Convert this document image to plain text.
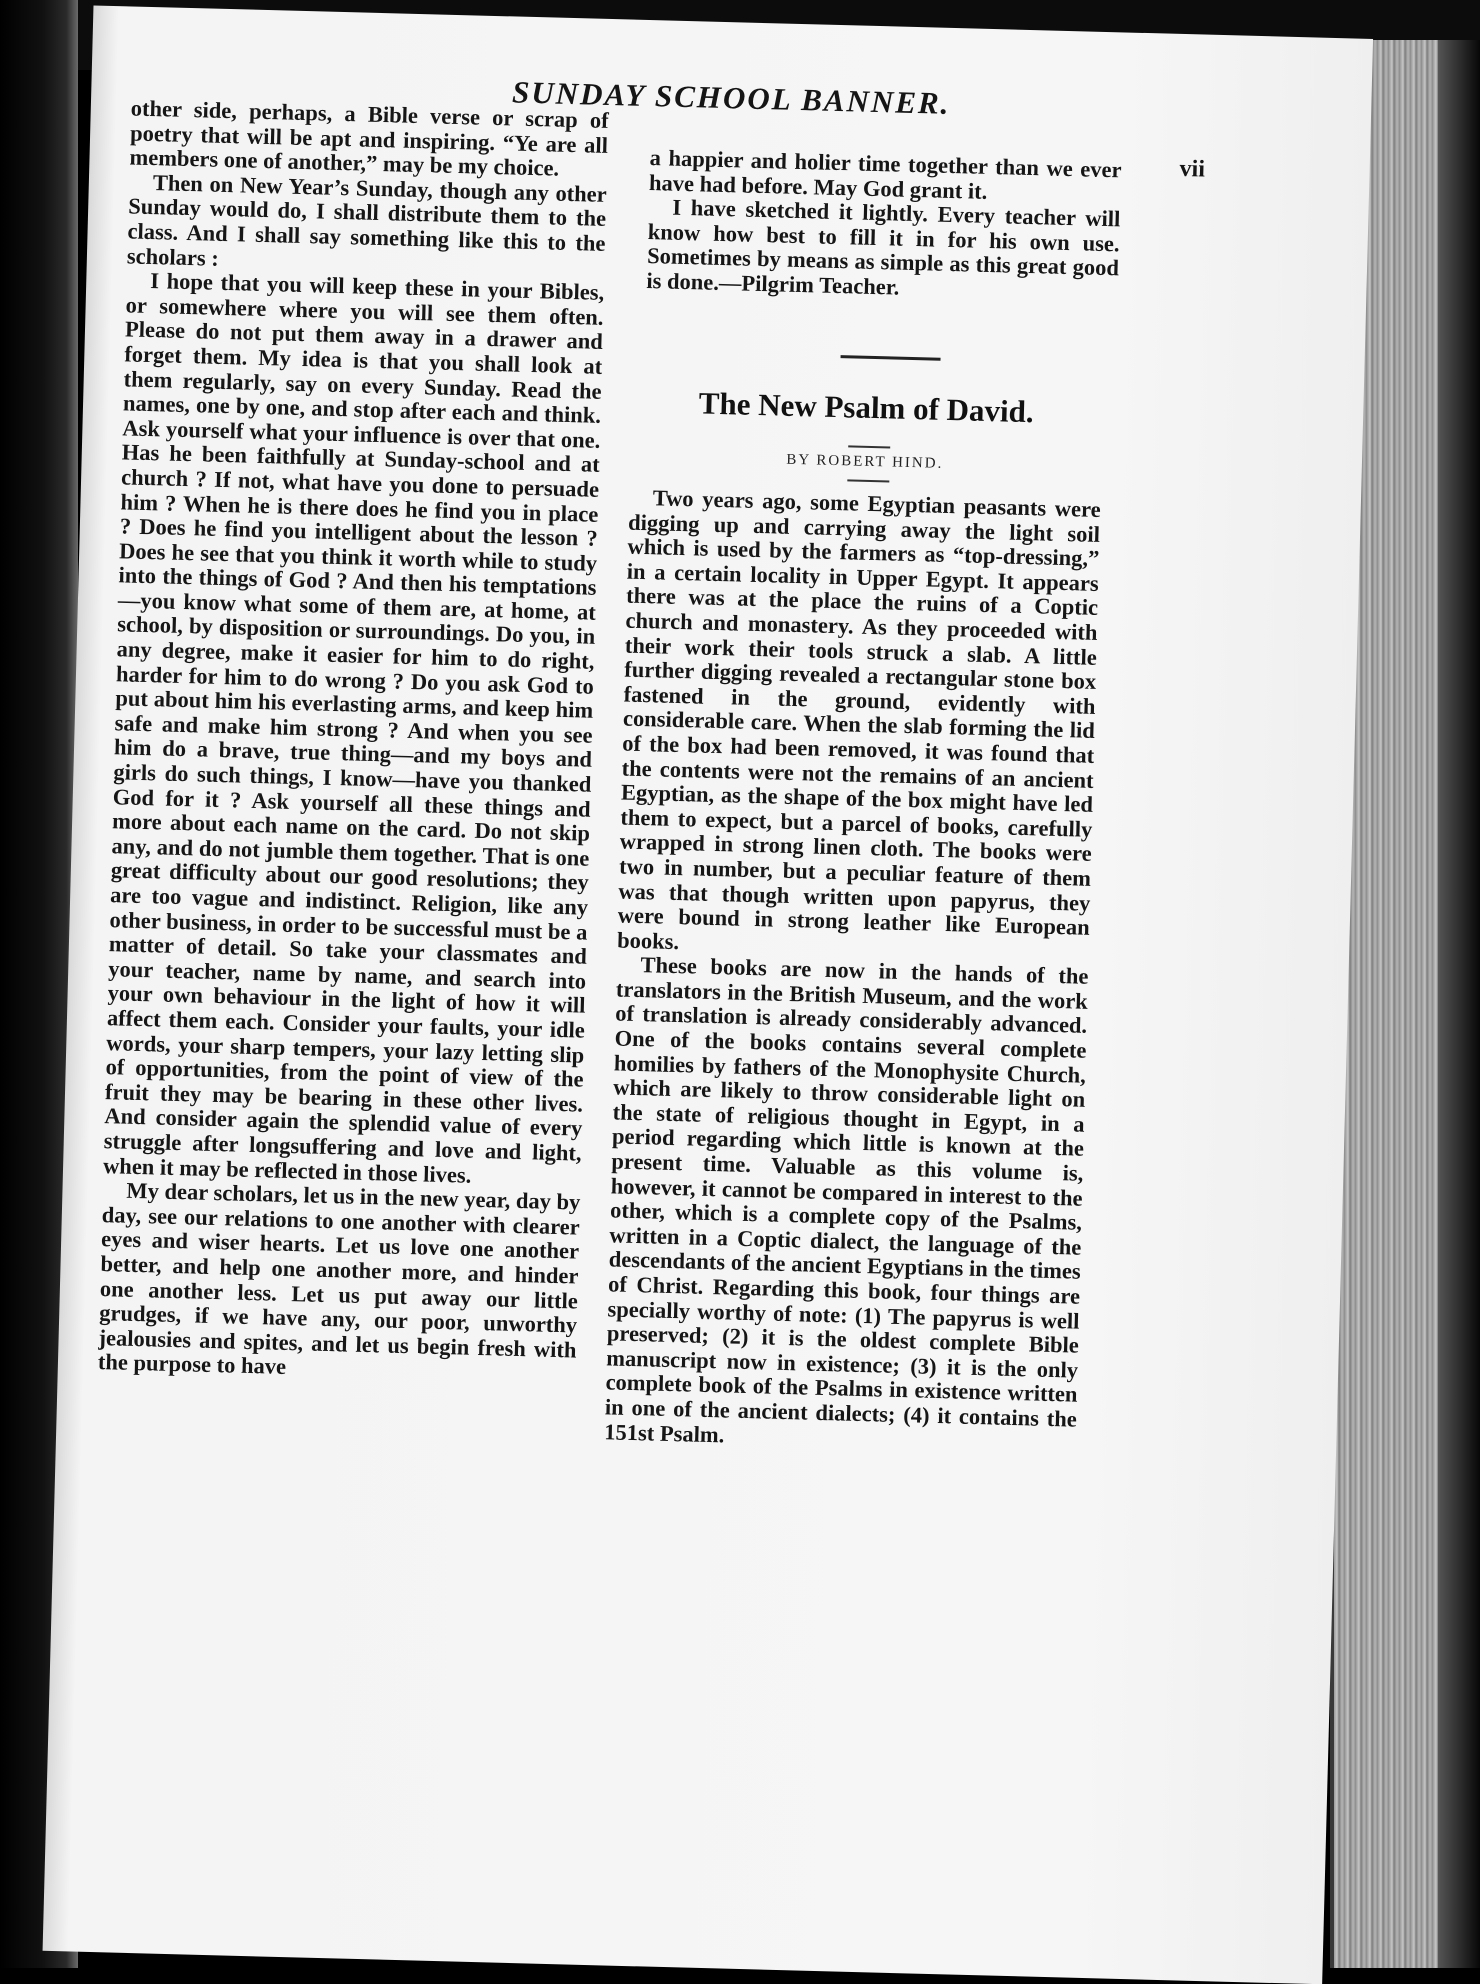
SUNDAY SCHOOL BANNER.
vii

other side, perhaps, a Bible verse or scrap of poetry that will be apt and inspiring. “Ye are all members one of another,” may be my choice.

Then on New Year’s Sunday, though any other Sunday would do, I shall distribute them to the class. And I shall say something like this to the scholars :

I hope that you will keep these in your Bibles, or somewhere where you will see them often. Please do not put them away in a drawer and forget them. My idea is that you shall look at them regularly, say on every Sunday. Read the names, one by one, and stop after each and think. Ask yourself what your influence is over that one. Has he been faithfully at Sunday-school and at church ? If not, what have you done to persuade him ? When he is there does he find you in place ? Does he find you intelligent about the lesson ? Does he see that you think it worth while to study into the things of God ? And then his temptations—you know what some of them are, at home, at school, by disposition or surroundings. Do you, in any degree, make it easier for him to do right, harder for him to do wrong ? Do you ask God to put about him his everlasting arms, and keep him safe and make him strong ? And when you see him do a brave, true thing—and my boys and girls do such things, I know—have you thanked God for it ? Ask yourself all these things and more about each name on the card. Do not skip any, and do not jumble them together. That is one great difficulty about our good resolutions; they are too vague and indistinct. Religion, like any other business, in order to be successful must be a matter of detail. So take your classmates and your teacher, name by name, and search into your own behaviour in the light of how it will affect them each. Consider your faults, your idle words, your sharp tempers, your lazy letting slip of opportunities, from the point of view of the fruit they may be bearing in these other lives. And consider again the splendid value of every struggle after longsuffering and love and light, when it may be reflected in those lives.

My dear scholars, let us in the new year, day by day, see our relations to one another with clearer eyes and wiser hearts. Let us love one another better, and help one another more, and hinder one another less. Let us put away our little grudges, if we have any, our poor, unworthy jealousies and spites, and let us begin fresh with the purpose to have

a happier and holier time together than we ever have had before. May God grant it.

I have sketched it lightly. Every teacher will know how best to fill it in for his own use. Sometimes by means as simple as this great good is done.—Pilgrim Teacher.

The New Psalm of David.
BY ROBERT HIND.

Two years ago, some Egyptian peasants were digging up and carrying away the light soil which is used by the farmers as “top-dressing,” in a certain locality in Upper Egypt. It appears there was at the place the ruins of a Coptic church and monastery. As they proceeded with their work their tools struck a slab. A little further digging revealed a rectangular stone box fastened in the ground, evidently with considerable care. When the slab forming the lid of the box had been removed, it was found that the contents were not the remains of an ancient Egyptian, as the shape of the box might have led them to expect, but a parcel of books, carefully wrapped in strong linen cloth. The books were two in number, but a peculiar feature of them was that though written upon papyrus, they were bound in strong leather like European books.

These books are now in the hands of the translators in the British Museum, and the work of translation is already considerably advanced. One of the books contains several complete homilies by fathers of the Monophysite Church, which are likely to throw considerable light on the state of religious thought in Egypt, in a period regarding which little is known at the present time. Valuable as this volume is, however, it cannot be compared in interest to the other, which is a complete copy of the Psalms, written in a Coptic dialect, the language of the descendants of the ancient Egyptians in the times of Christ. Regarding this book, four things are specially worthy of note: (1) The papyrus is well preserved; (2) it is the oldest complete Bible manuscript now in existence; (3) it is the only complete book of the Psalms in existence written in one of the ancient dialects; (4) it contains the 151st Psalm.
